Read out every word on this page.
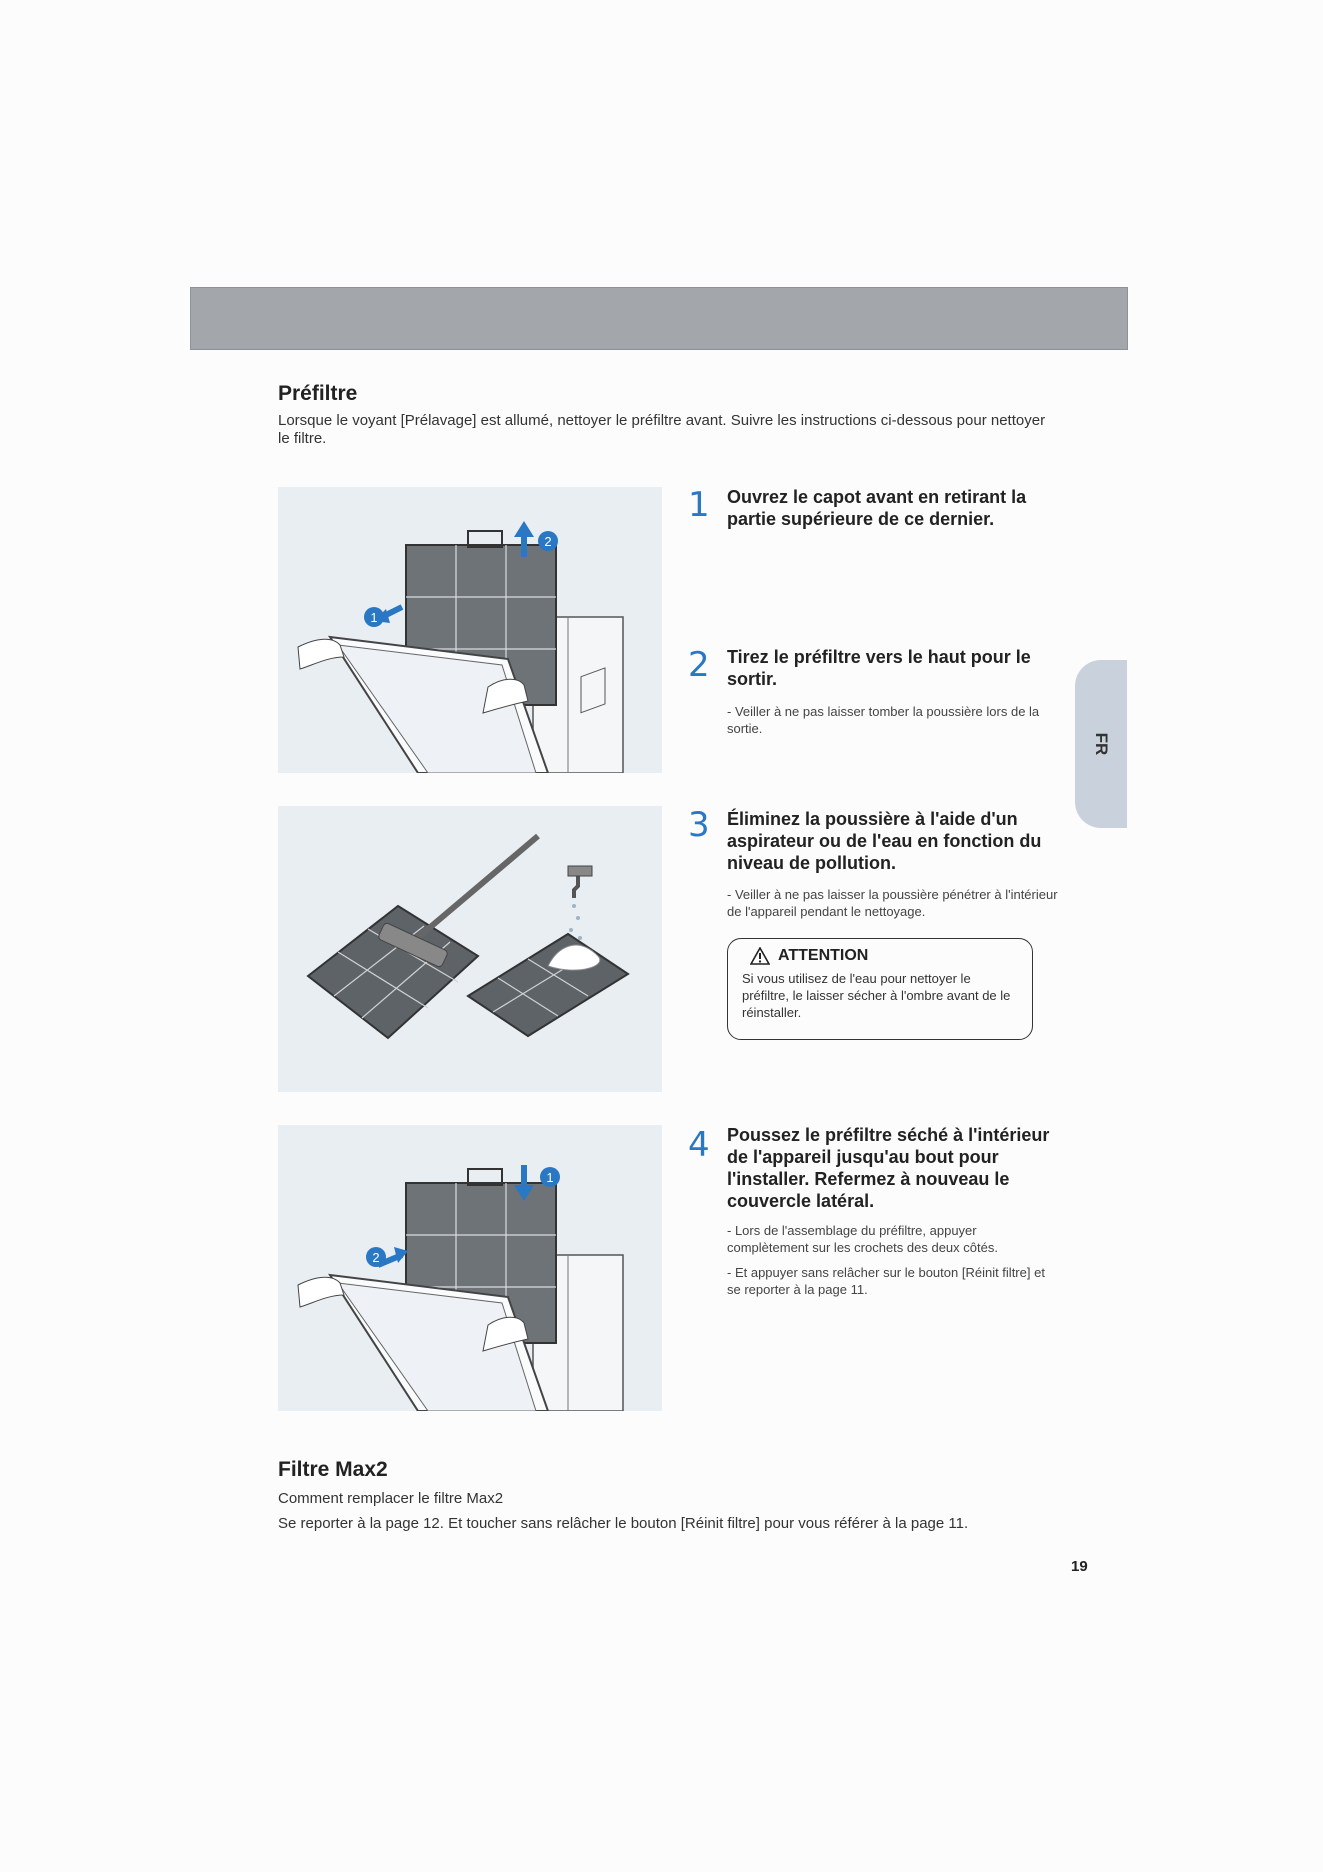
Préfiltre

Lorsque le voyant [Prélavage] est allumé, nettoyer le préfiltre avant. Suivre les instructions ci-dessous pour nettoyer le filtre.

1
2
1
2
1 Ouvrez le capot avant en retirant la partie supérieure de ce dernier.

2 Tirez le préfiltre vers le haut pour le sortir.

- Veiller à ne pas laisser tomber la poussière lors de la sortie.

3 Éliminez la poussière à l'aide d'un aspirateur ou de l'eau en fonction du niveau de pollution.

- Veiller à ne pas laisser la poussière pénétrer à l'intérieur de l'appareil pendant le nettoyage.

ATTENTION

Si vous utilisez de l'eau pour nettoyer le préfiltre, le laisser sécher à l'ombre avant de le réinstaller.

4 Poussez le préfiltre séché à l'intérieur de l'appareil jusqu'au bout pour l'installer. Refermez à nouveau le couvercle latéral.

- Lors de l'assemblage du préfiltre, appuyer complètement sur les crochets des deux côtés.

- Et appuyer sans relâcher sur le bouton [Réinit filtre] et se reporter à la page 11.

FR
Filtre Max2

Comment remplacer le filtre Max2

Se reporter à la page 12. Et toucher sans relâcher le bouton [Réinit filtre] pour vous référer à la page 11.

19
